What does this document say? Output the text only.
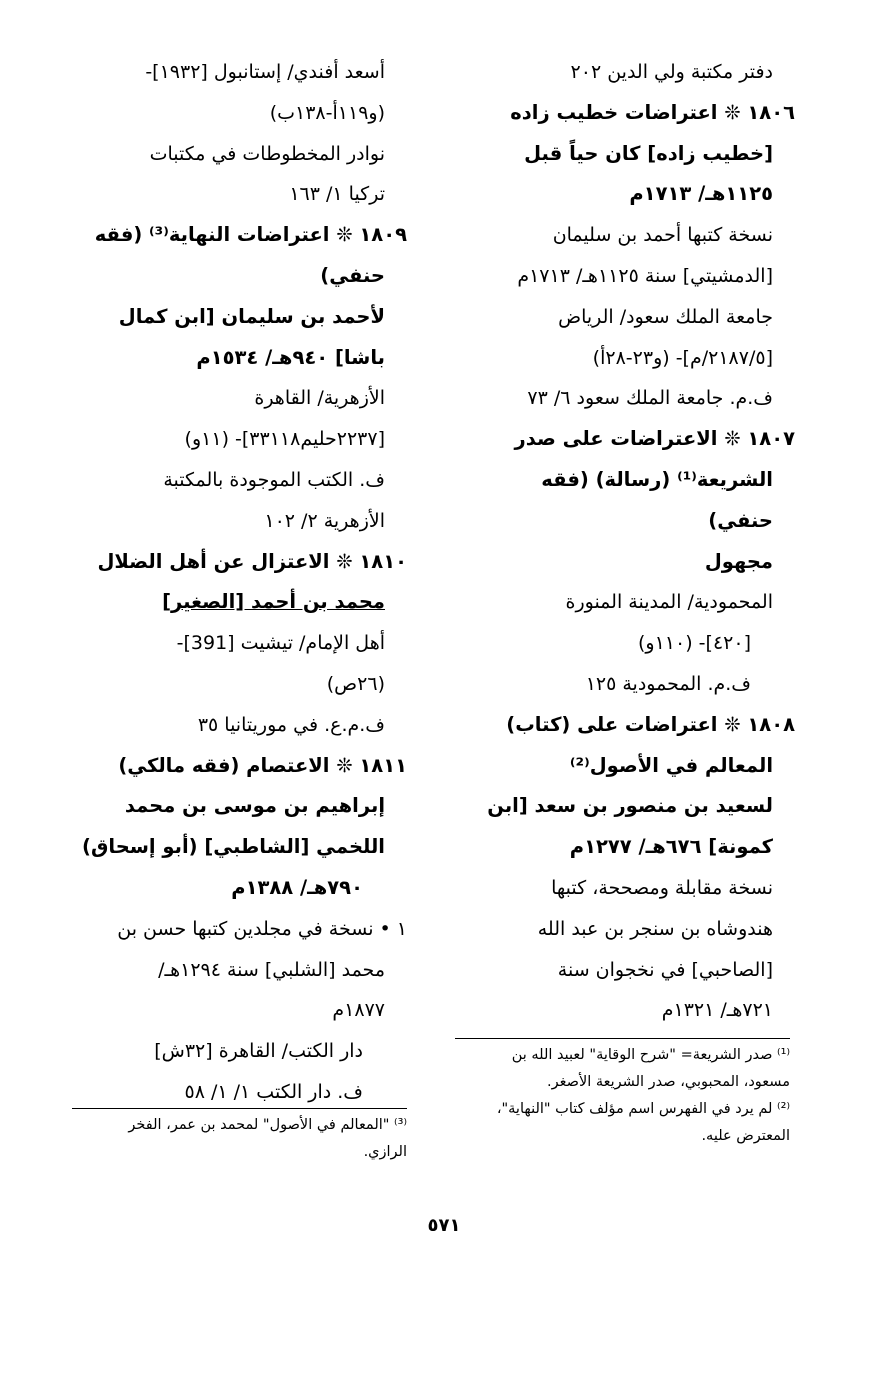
دفتر مكتبة ولي الدين ٢٠٢
١٨٠٦ ❊ اعتراضات خطيب زاده
[خطيب زاده] كان حياً قبل
١١٢٥هـ/ ١٧١٣م
نسخة كتبها أحمد بن سليمان
[الدمشيتي] سنة ١١٢٥هـ/ ١٧١٣م
جامعة الملك سعود/ الرياض
[٢١٨٧/٥/م]- (و٢٣-٢٨أ)
ف.م. جامعة الملك سعود ٦/ ٧٣
١٨٠٧ ❊ الاعتراضات على صدر
الشريعة⁽¹⁾ (رسالة) (فقه
حنفي)
مجهول
المحمودية/ المدينة المنورة
[٤٢٠]- (١١٠و)
ف.م. المحمودية ١٢٥
١٨٠٨ ❊ اعتراضات على (كتاب)
المعالم في الأصول⁽²⁾
لسعيد بن منصور بن سعد [ابن
كمونة] ٦٧٦هـ/ ١٢٧٧م
نسخة مقابلة ومصححة، كتبها
هندوشاه بن سنجر بن عبد الله
[الصاحبي] في نخجوان سنة
٧٢١هـ/ ١٣٢١م
أسعد أفندي/ إستانبول [١٩٣٢]-
(و١١٩أ-١٣٨ب)
نوادر المخطوطات في مكتبات
تركيا ١/ ١٦٣
١٨٠٩ ❊ اعتراضات النهاية⁽³⁾ (فقه
حنفي)
لأحمد بن سليمان [ابن كمال
باشا] ٩٤٠هـ/ ١٥٣٤م
الأزهرية/ القاهرة
[٢٢٣٧حليم٣٣١١٨]- (١١و)
ف. الكتب الموجودة بالمكتبة
الأزهرية ٢/ ١٠٢
١٨١٠ ❊ الاعتزال عن أهل الضلال
محمد بن أحمد [الصغير]
أهل الإمام/ تيشيت [391]-
(٢٦ص)
ف.م.ع. في موريتانيا ٣٥
١٨١١ ❊ الاعتصام (فقه مالكي)
إبراهيم بن موسى بن محمد
اللخمي [الشاطبي] (أبو إسحاق)
٧٩٠هـ/ ١٣٨٨م
١ • نسخة في مجلدين كتبها حسن بن
محمد [الشلبي] سنة ١٢٩٤هـ/
١٨٧٧م
دار الكتب/ القاهرة [٣٢ش]
ف. دار الكتب ١/ ١/ ٥٨
⁽¹⁾ صدر الشريعة= "شرح الوقاية" لعبيد الله بن
مسعود، المحبوبي، صدر الشريعة الأصغر.
⁽²⁾ لم يرد في الفهرس اسم مؤلف كتاب "النهاية"،
المعترض عليه.
⁽³⁾ "المعالم في الأصول" لمحمد بن عمر، الفخر
الرازي.
٥٧١
